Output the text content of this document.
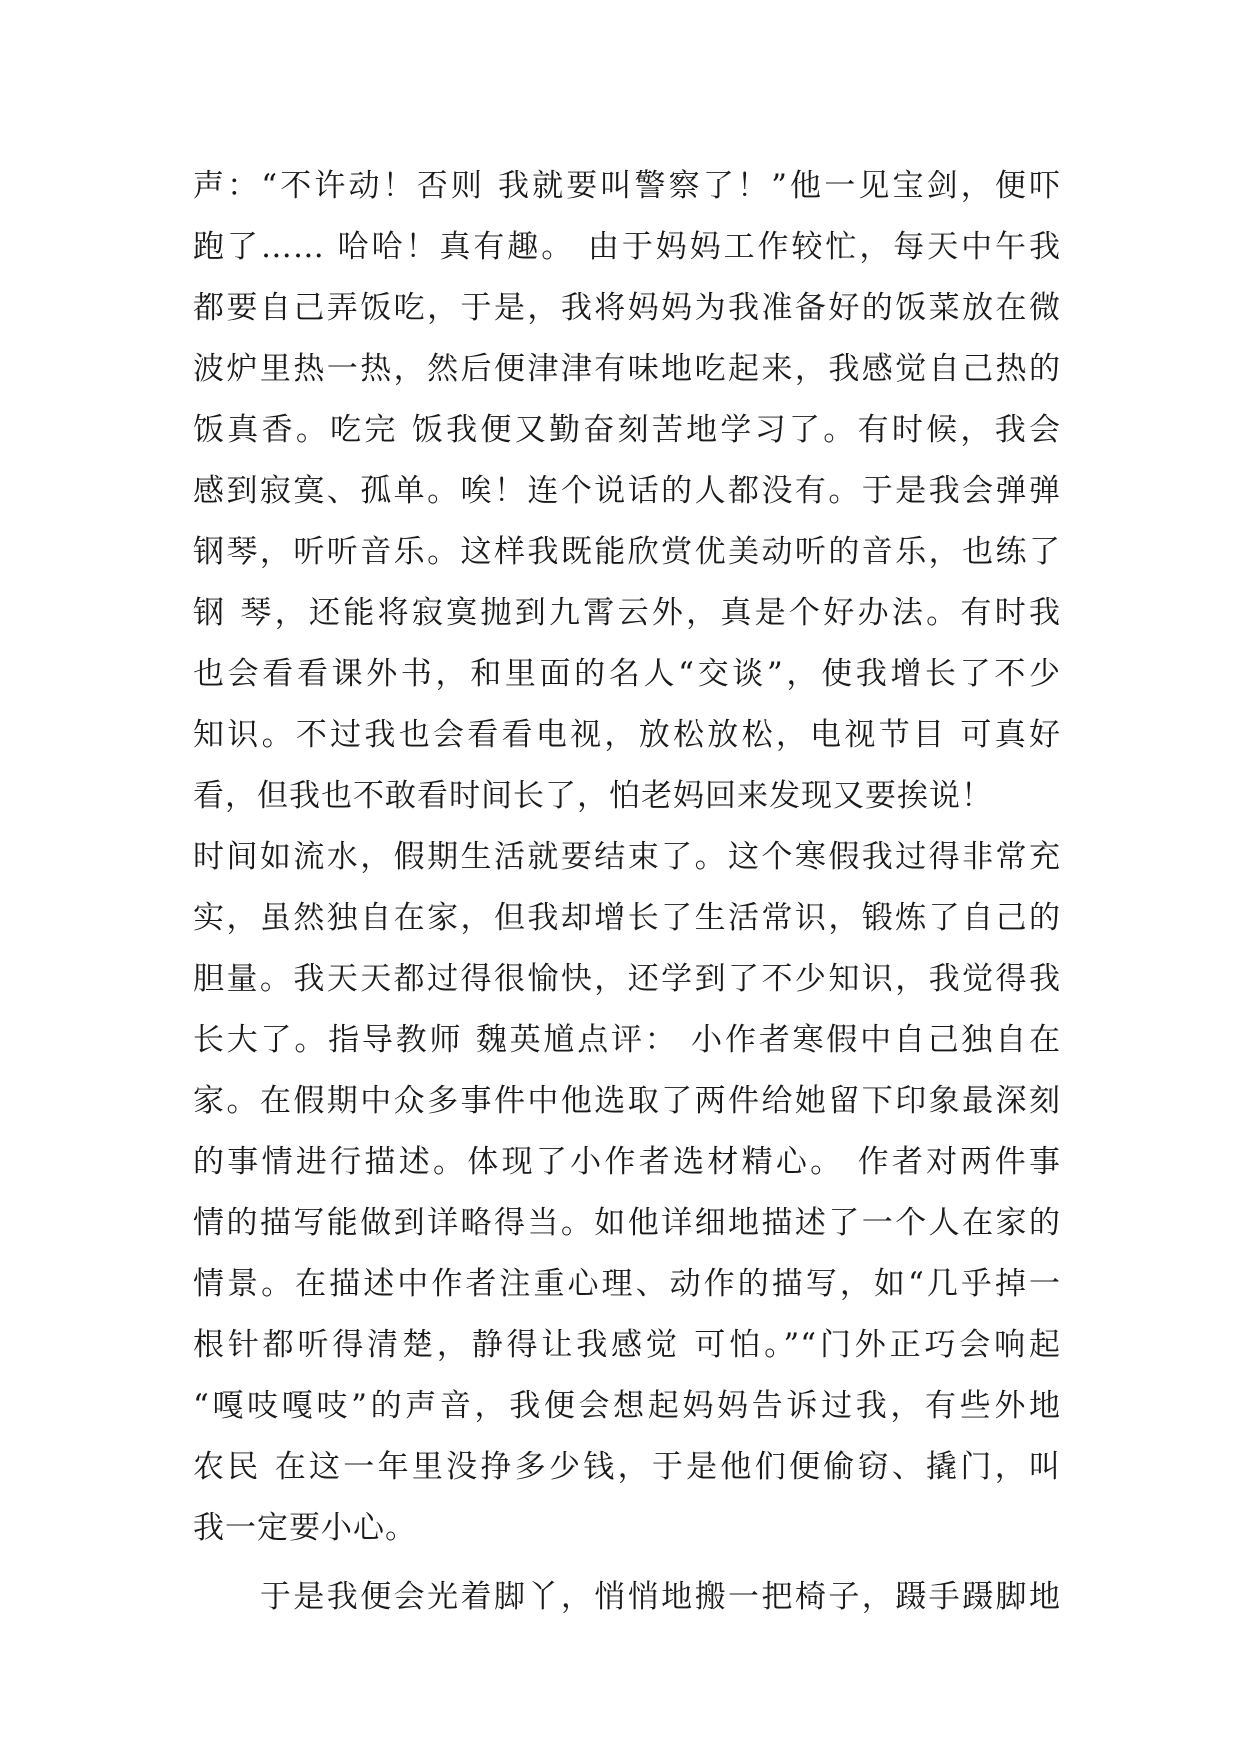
声：“不许动！否则 我就要叫警察了！”他一见宝剑，便吓
跑了…… 哈哈！真有趣。 由于妈妈工作较忙，每天中午我
都要自己弄饭吃，于是，我将妈妈为我准备好的饭菜放在微
波炉里热一热，然后便津津有味地吃起来，我感觉自己热的
饭真香。吃完 饭我便又勤奋刻苦地学习了。有时候，我会
感到寂寞、孤单。唉！连个说话的人都没有。于是我会弹弹
钢琴，听听音乐。这样我既能欣赏优美动听的音乐，也练了
钢 琴，还能将寂寞抛到九霄云外，真是个好办法。有时我
也会看看课外书，和里面的名人“交谈”，使我增长了不少
知识。不过我也会看看电视，放松放松，电视节目 可真好
看，但我也不敢看时间长了，怕老妈回来发现又要挨说！
时间如流水，假期生活就要结束了。这个寒假我过得非常充
实，虽然独自在家，但我却增长了生活常识，锻炼了自己的
胆量。我天天都过得很愉快，还学到了不少知识，我觉得我
长大了。指导教师 魏英馗点评： 小作者寒假中自己独自在
家。在假期中众多事件中他选取了两件给她留下印象最深刻
的事情进行描述。体现了小作者选材精心。 作者对两件事
情的描写能做到详略得当。如他详细地描述了一个人在家的
情景。在描述中作者注重心理、动作的描写，如“几乎掉一
根针都听得清楚，静得让我感觉 可怕。”“门外正巧会响起
“嘎吱嘎吱”的声音，我便会想起妈妈告诉过我，有些外地
农民 在这一年里没挣多少钱，于是他们便偷窃、撬门，叫
我一定要小心。
　　于是我便会光着脚丫，悄悄地搬一把椅子，蹑手蹑脚地
